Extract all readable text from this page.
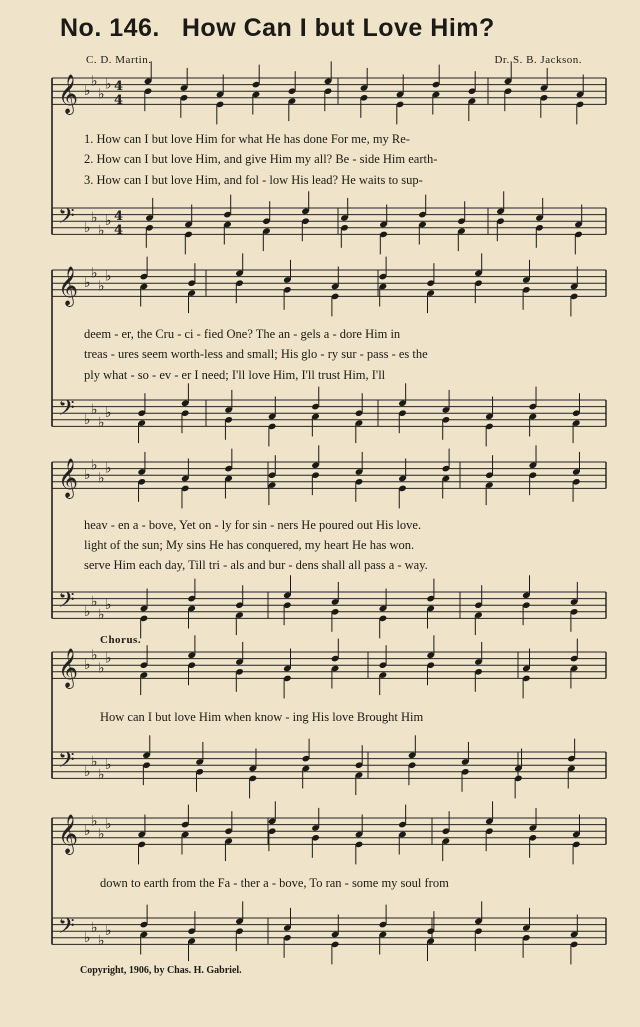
No. 146. How Can I but Love Him?
C. D. Martin.	Dr. S. B. Jackson.
𝄞 ♭
♭
♭
♭ 4
4
𝄢 ♭
♭
♭
♭ 4
4
𝄞 ♭
♭
♭
♭
𝄢 ♭
♭
♭
♭
𝄞 ♭
♭
♭
♭
𝄢 ♭
♭
♭
♭
𝄞 ♭
♭
♭
♭
𝄢 ♭
♭
♭
♭
𝄞 ♭
♭
♭
♭
𝄢 ♭
♭
♭
♭
Chorus.
1. How can I but love Him for what He has done For me, my Re-
2. How can I but love Him, and give Him my all? Be - side Him earth-
3. How can I but love Him, and fol - low His lead? He waits to sup-
deem - er, the Cru - ci - fied One? The an - gels a - dore Him in
treas - ures seem worth-less and small; His glo - ry sur - pass - es the
ply what - so - ev - er I need; I'll love Him, I'll trust Him, I'll
heav - en a - bove, Yet on - ly for sin - ners He poured out His love.
light of the sun; My sins He has conquered, my heart He has won.
serve Him each day, Till tri - als and bur - dens shall all pass a - way.
How can I but love Him when know - ing His love Brought Him
down to earth from the Fa - ther a - bove, To ran - some my soul from
Copyright, 1906, by Chas. H. Gabriel.
